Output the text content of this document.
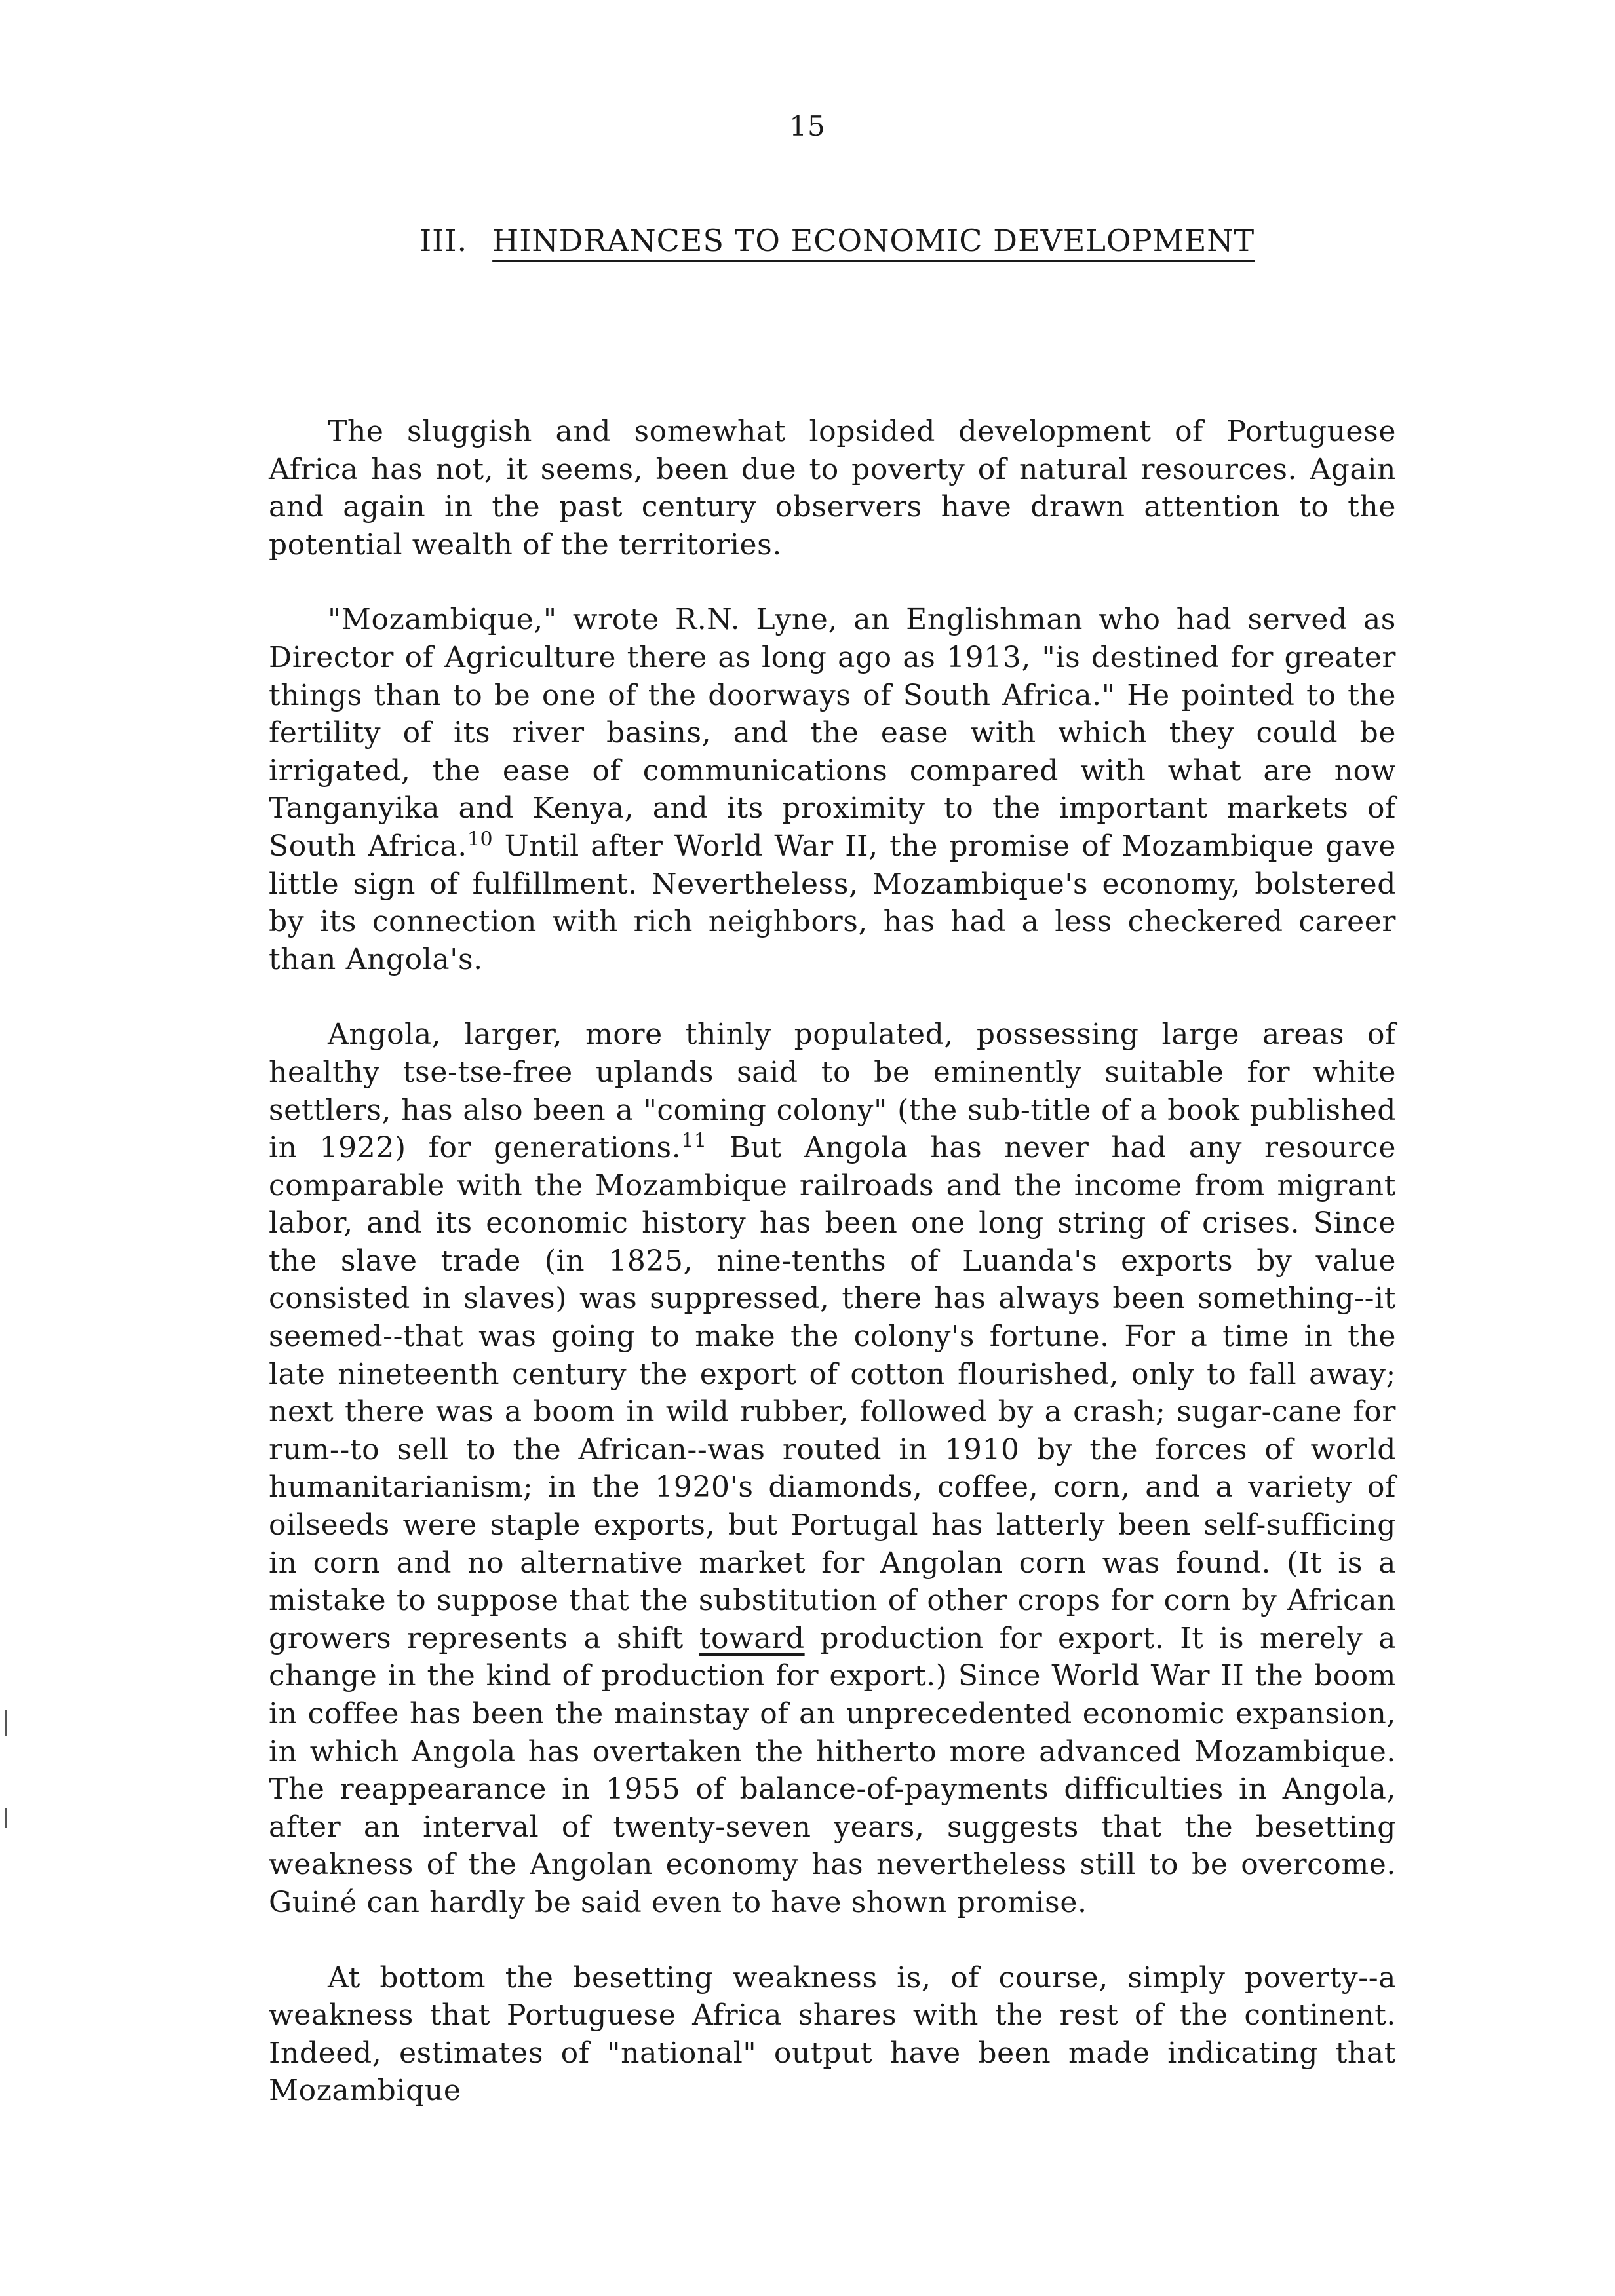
15
III. HINDRANCES TO ECONOMIC DEVELOPMENT

The sluggish and somewhat lopsided development of Portuguese Africa has not, it seems, been due to poverty of natural resources. Again and again in the past century observers have drawn attention to the potential wealth of the territories.

"Mozambique," wrote R.N. Lyne, an Englishman who had served as Director of Agriculture there as long ago as 1913, "is destined for greater things than to be one of the doorways of South Africa." He pointed to the fertility of its river basins, and the ease with which they could be irrigated, the ease of communications compared with what are now Tanganyika and Kenya, and its proximity to the important markets of South Africa.$^{10}$ Until after World War II, the promise of Mozambique gave little sign of fulfillment. Nevertheless, Mozambique's economy, bolstered by its connection with rich neighbors, has had a less checkered career than Angola's.

Angola, larger, more thinly populated, possessing large areas of healthy tse-tse-free uplands said to be eminently suitable for white settlers, has also been a "coming colony" (the sub-title of a book published in 1922) for generations.$^{11}$ But Angola has never had any resource comparable with the Mozambique railroads and the income from migrant labor, and its economic history has been one long string of crises. Since the slave trade (in 1825, nine-tenths of Luanda's exports by value consisted in slaves) was suppressed, there has always been something--it seemed--that was going to make the colony's fortune. For a time in the late nineteenth century the export of cotton flourished, only to fall away; next there was a boom in wild rubber, followed by a crash; sugar-cane for rum--to sell to the African--was routed in 1910 by the forces of world humanitarianism; in the 1920's diamonds, coffee, corn, and a variety of oilseeds were staple exports, but Portugal has latterly been self-sufficing in corn and no alternative market for Angolan corn was found. (It is a mistake to suppose that the substitution of other crops for corn by African growers represents a shift toward production for export. It is merely a change in the kind of production for export.) Since World War II the boom in coffee has been the mainstay of an unprecedented economic expansion, in which Angola has overtaken the hitherto more advanced Mozambique. The reappearance in 1955 of balance-of-payments difficulties in Angola, after an interval of twenty-seven years, suggests that the besetting weakness of the Angolan economy has nevertheless still to be overcome. Guiné can hardly be said even to have shown promise.

At bottom the besetting weakness is, of course, simply poverty--a weakness that Portuguese Africa shares with the rest of the continent. Indeed, estimates of "national" output have been made indicating that Mozambique
